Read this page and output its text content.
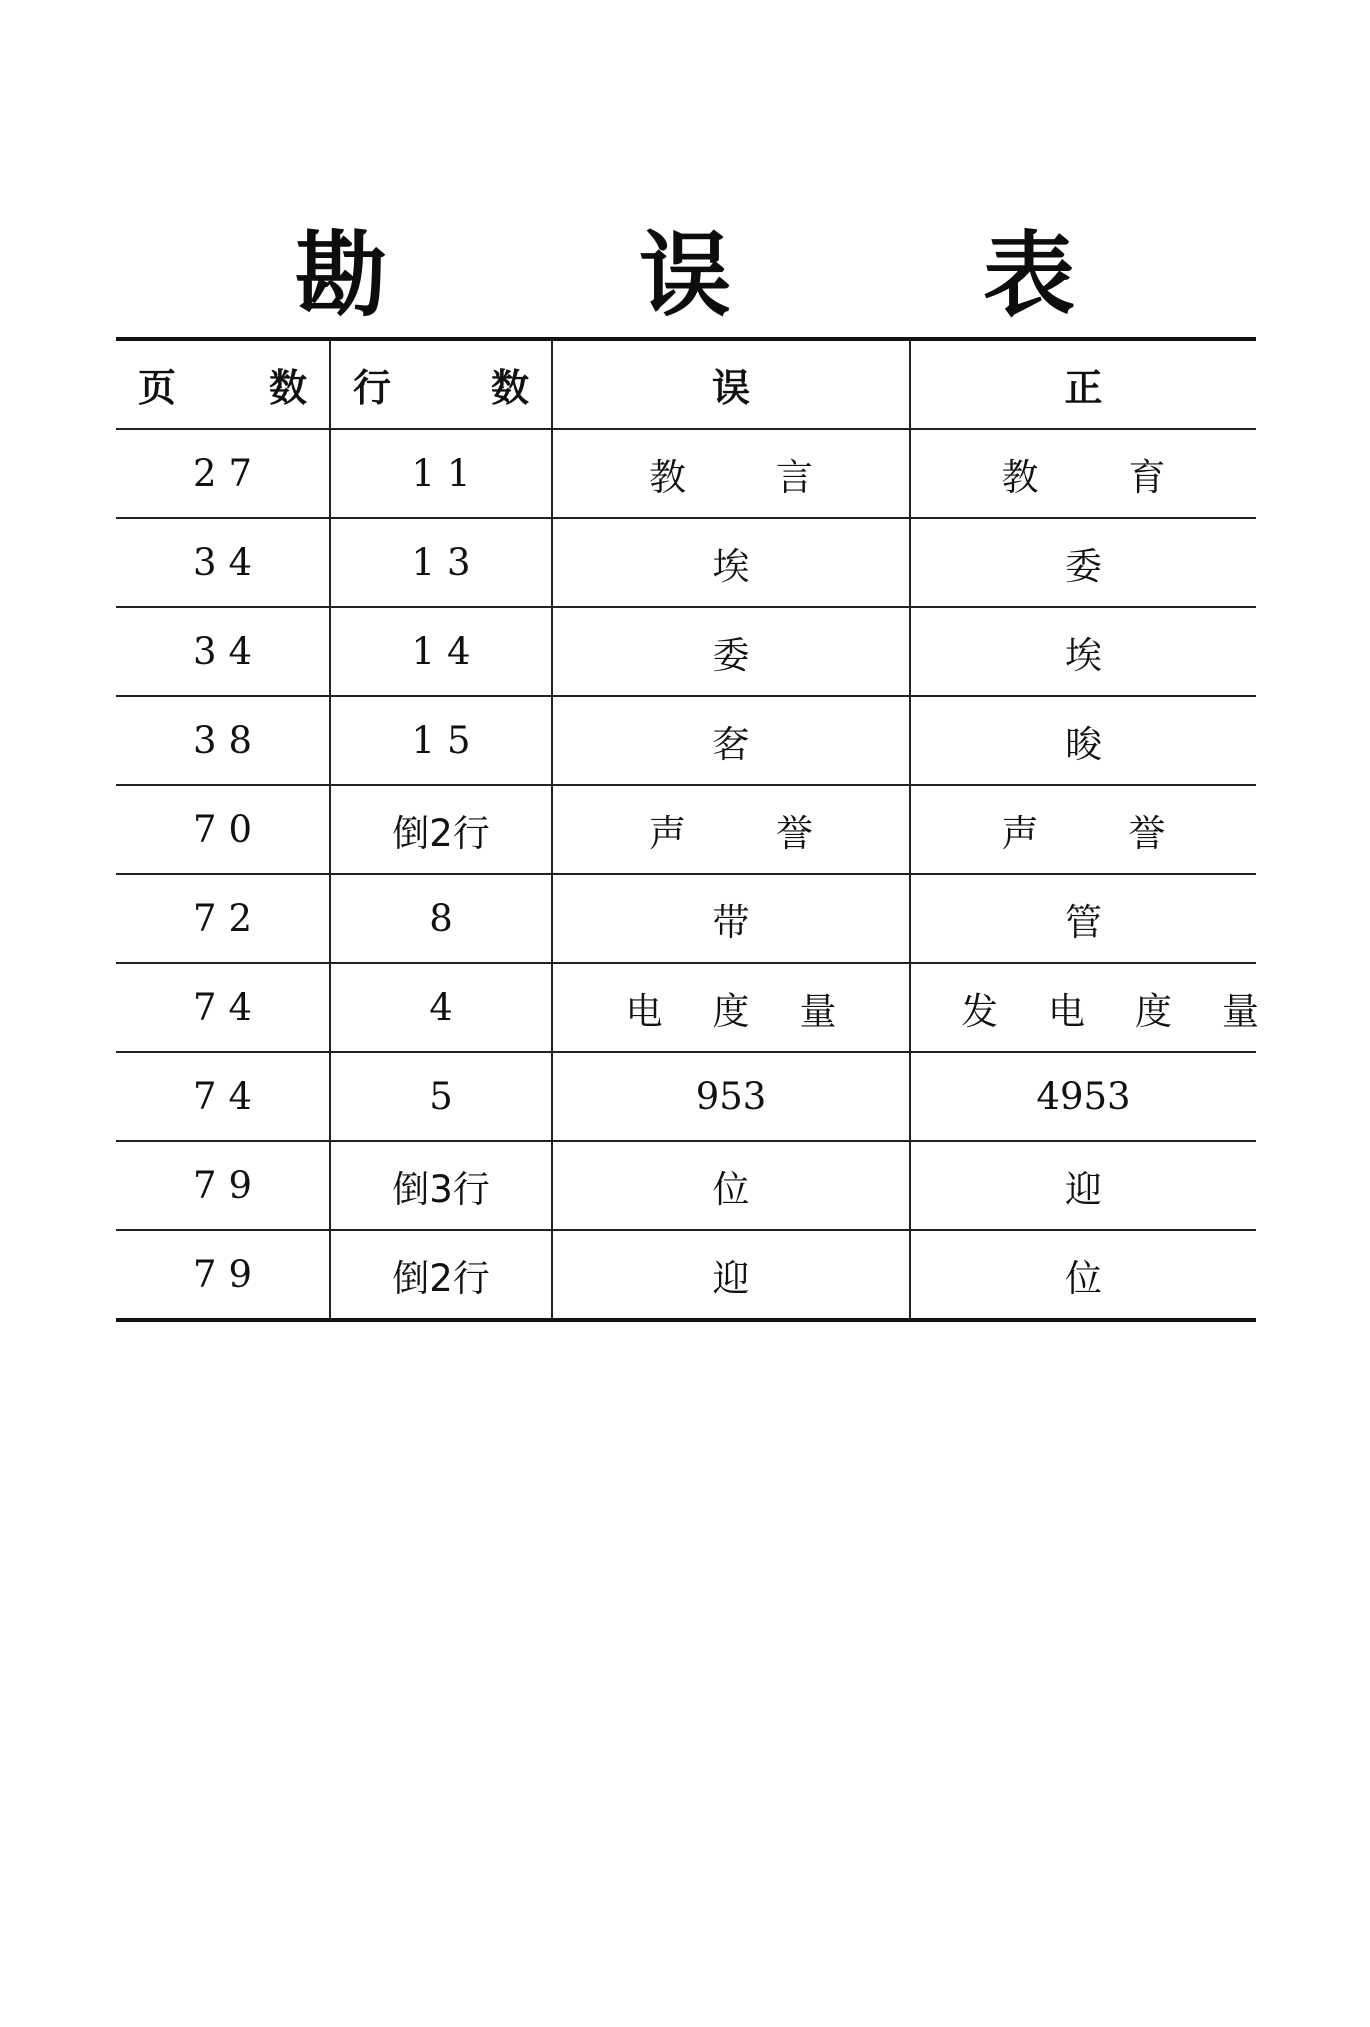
勘 误 表
页 数	行 数	误	正
27	11	教言	教育
34	13	埃	委
34	14	委	埃
38	15	㚚	晙
70	倒2行	声誉	声誉
72	8	带	管
74	4	电度量	发电度量
74	5	953	4953
79	倒3行	位	迎
79	倒2行	迎	位
